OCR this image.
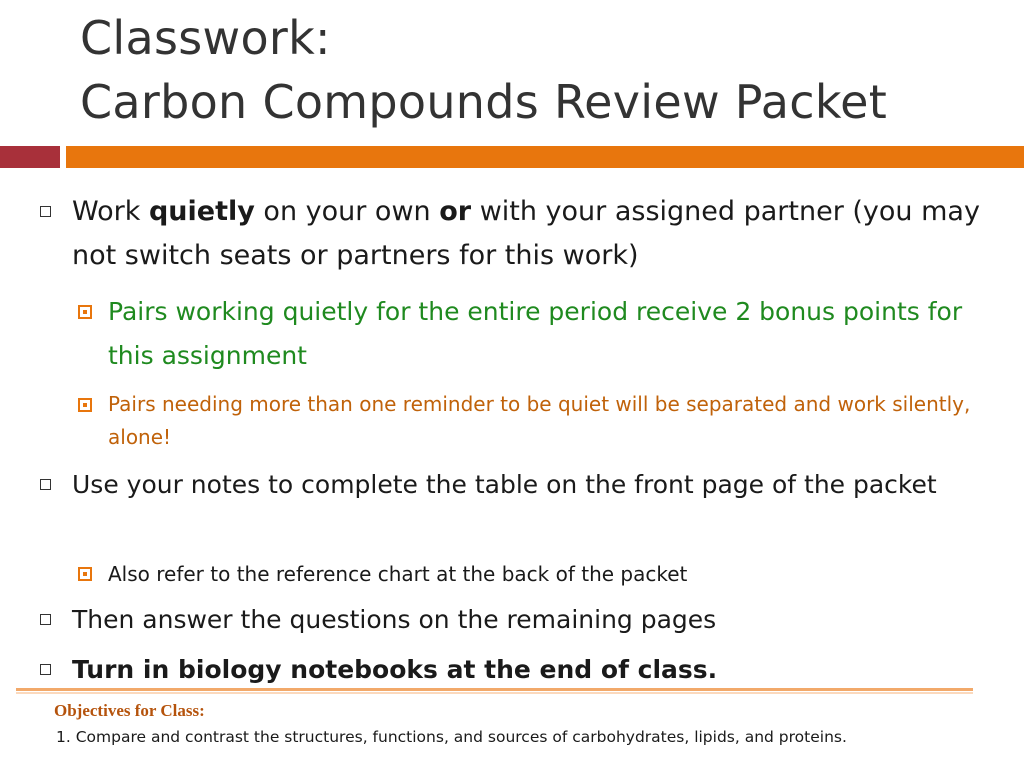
Classwork:
Carbon Compounds Review Packet
Work quietly on your own or with your assigned partner (you may not switch seats or partners for this work)
Pairs working quietly for the entire period receive 2 bonus points for this assignment
Pairs needing more than one reminder to be quiet will be separated and work silently, alone!
Use your notes to complete the table on the front page of the packet
Also refer to the reference chart at the back of the packet
Then answer the questions on the remaining pages
Turn in biology notebooks at the end of class.
Objectives for Class:
1. Compare and contrast the structures, functions, and sources of carbohydrates, lipids, and proteins.
